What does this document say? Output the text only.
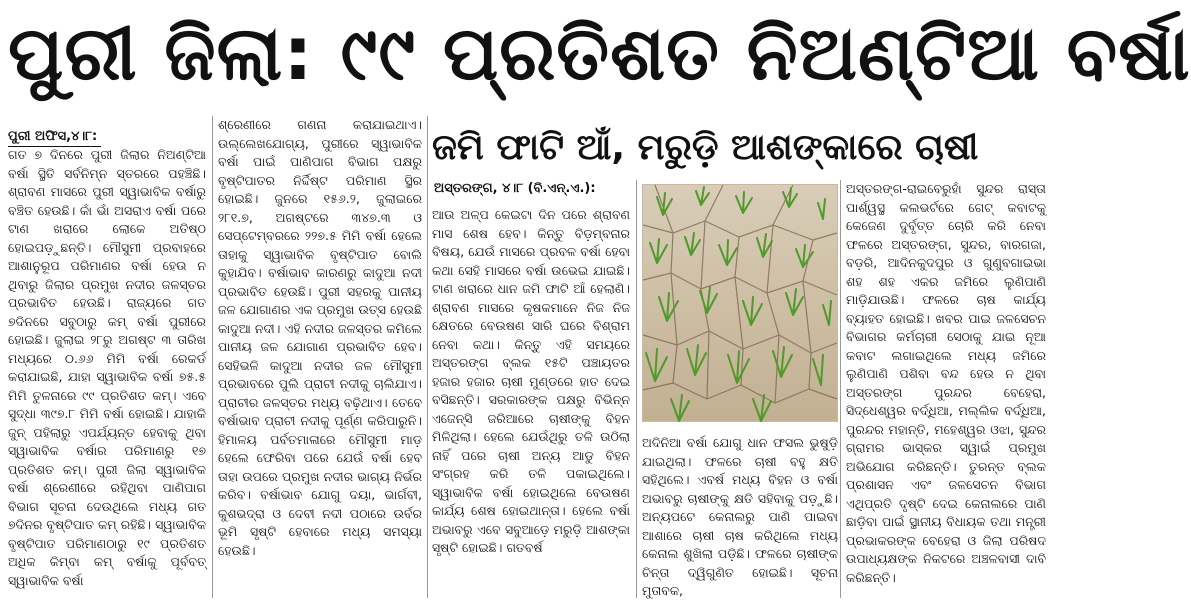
ପୁରୀ ଜିଲା: ୯୯ ପ୍ରତିଶତ ନିଅଣ୍ଟିଆ ବର୍ଷା
ପୁରୀ ଅଫିସ,୪।୮:

ଗତ ୭ ଦିନରେ ପୁରୀ ଜିଲାର ନିଅଣ୍ଟିଆ ବର୍ଷା ସ୍ଥିତି ସର୍ବନିମ୍ନ ସ୍ତରରେ ପହଞ୍ଚିଛି। ଶ୍ରାବଣ ମାସରେ ପୁରୀ ସ୍ୱାଭାବିକ ବର୍ଷାରୁ ବଞ୍ଚିତ ହେଉଛି। କାଁ ଭାଁ ଅସରାଏ ବର୍ଷା ପରେ ଟାଣ ଖରାରେ ଲୋକେ ଅତିଷ୍ଠ ହୋଇପଡ଼ୁଛନ୍ତି। ମୌସୁମୀ ପ୍ରବାହରେ ଆଶାନୁରୂପ ପରିମାଣର ବର୍ଷା ହେଉ ନ ଥିବାରୁ ଜିଲାର ପ୍ରମୁଖ ନଦୀର ଜଳସ୍ତର ପ୍ରଭାବିତ ହେଉଛି। ରାଜ୍ୟରେ ଗତ ୭ଦିନରେ ସବୁଠାରୁ କମ୍ ବର୍ଷା ପୁରୀରେ ହୋଇଛି। ଜୁଲାଇ ୨୮ରୁ ଅଗଷ୍ଟ ୩ ତାରିଖ ମଧ୍ୟରେ ୦.୬୬ ମିମି ବର୍ଷା ରେକର୍ଡ କରାଯାଇଛି, ଯାହା ସ୍ୱାଭାବିକ ବର୍ଷା ୭୫.୫ ମିମି ତୁଳନାରେ ୯୯ ପ୍ରତିଶତ କମ୍। ଏବେ ସୁଦ୍ଧା ୩୯୭.୮ ମିମି ବର୍ଷା ହୋଇଛି। ଯାହାକି ଜୁନ୍ ପହିଲାରୁ ଏପର୍ଯ୍ୟନ୍ତ ହେବାକୁ ଥିବା ସ୍ୱାଭାବିକ ବର୍ଷାର ପରିମାଣରୁ ୧୭ ପ୍ରତିଶତ କମ୍। ପୁରୀ ଜିଲା ସ୍ୱାଭାବିକ ବର୍ଷା ଶ୍ରେଣୀରେ ରହିଥିବା ପାଣିପାଗ ବିଭାଗ ସୂଚନା ଦେଉଥିଲେ ମଧ୍ୟ ଗତ ୭ଦିନର ବୃଷ୍ଟିପାତ କମ୍ ରହିଛି। ସ୍ୱାଭାବିକ ବୃଷ୍ଟିପାତ ପରିମାଣଠାରୁ ୧୯ ପ୍ରତିଶତ ଅଧିକ କିମ୍ବା କମ୍ ବର୍ଷାକୁ ପୂର୍ବବତ୍ ସ୍ୱାଭାବିକ ବର୍ଷା

ଶ୍ରେଣୀରେ ଗଣନା କରାଯାଇଥାଏ। ଉଲ୍ଲେଖଯୋଗ୍ୟ, ପୁରୀରେ ସ୍ୱାଭାବିକ ବର୍ଷା ପାଇଁ ପାଣିପାଗ ବିଭାଗ ପକ୍ଷରୁ ବୃଷ୍ଟିପାତର ନିର୍ଦ୍ଦିଷ୍ଟ ପରିମାଣ ସ୍ଥିର ହୋଇଛି। ଜୁନରେ ୧୫୬.୨, ଜୁଲାଇରେ ୨୮୧.୭, ଅଗଷ୍ଟରେ ୩୪୭.୩ ଓ ସେପ୍ଟେମ୍ବରରେ ୨୨୭.୫ ମିମି ବର୍ଷା ହେଲେ ତାହାକୁ ସ୍ୱାଭାବିକ ବୃଷ୍ଟିପାତ ବୋଲି କୁହାଯିବ। ବର୍ଷାଭାବ କାରଣରୁ କାଦୁଆ ନଦୀ ପ୍ରଭାବିତ ହେଉଛି। ପୁରୀ ସହରକୁ ପାନୀୟ ଜଳ ଯୋଗାଣର ଏକ ପ୍ରମୁଖ ଉତ୍ସ ହେଉଛି କାଦୁଆ ନଦୀ। ଏହି ନଦୀର ଜଳସ୍ତର କମିଲେ ପାନୀୟ ଜଳ ଯୋଗାଣ ପ୍ରଭାବିତ ହେବ। ସେହିଭଳି କାଦୁଆ ନଦୀର ଜଳ ମୌସୁମୀ ପ୍ରଭାବରେ ପୁଲି ପ୍ରାଚୀ ନଦୀକୁ ଚାଲିଯାଏ। ପ୍ରାଚୀର ଜଳସ୍ତର ମଧ୍ୟ ବଢ଼ିଥାଏ। ତେବେ ବର୍ଷାଭାବ ପ୍ରାଚୀ ନଦୀକୁ ପୂର୍ଣ୍ଣ କରିପାରୁନି। ହିମାଳୟ ପର୍ବତମାଳାରେ ମୌସୁମୀ ମାଡ଼ ହେଲେ ଫେରିବା ପରେ ଯେଉଁ ବର୍ଷା ହେବ ତାହା ଉପରେ ପ୍ରମୁଖ ନଦୀର ଭାଗ୍ୟ ନିର୍ଭର କରିବ। ବର୍ଷାଭାବ ଯୋଗୁ ଦୟା, ଭାର୍ଗବୀ, କୁଶଭଦ୍ରା ଓ ଦେବୀ ନଦୀ ପଠାରେ ଉର୍ବର ଭୂମି ସୃଷ୍ଟି ହେବାରେ ମଧ୍ୟ ସମସ୍ୟା ହେଉଛି।

ଜମି ଫାଟି ଆଁ, ମରୁଡ଼ି ଆଶଙ୍କାରେ ଚାଷୀ
ଅସ୍ତରଙ୍ଗ, ୪।୮ (ବି.ଏନ୍.ଏ.):

ଆଉ ଅଳ୍ପ କେଇଟା ଦିନ ପରେ ଶ୍ରାବଣ ମାସ ଶେଷ ହେବ। କିନ୍ତୁ ବିଡ଼ମ୍ବନାର ବିଷୟ, ଯେଉଁ ମାସରେ ପ୍ରବଳ ବର୍ଷା ହେବା କଥା ସେହି ମାସରେ ବର୍ଷା ଉଭେଇ ଯାଇଛି। ଟାଣ ଖରାରେ ଧାନ ଜମି ଫାଟି ଆଁ ହେଲାଣି। ଶ୍ରାବଣ ମାସରେ କୃଷକମାନେ ନିଜ ନିଜ କ୍ଷେତରେ ବେଉଷଣ ସାରି ଘରେ ବିଶ୍ରାମ ନେବା କଥା। କିନ୍ତୁ ଏହି ସମୟରେ ଅସ୍ତରଙ୍ଗ ବ୍ଲକ ୧୫ଟି ପଞ୍ଚାୟତର ହଜାର ହଜାର ଚାଷୀ ମୁଣ୍ଡରେ ହାତ ଦେଇ ବସିଛନ୍ତି। ସରକାରଙ୍କ ପକ୍ଷରୁ ବିଭିନ୍ନ ଏଜେନ୍ସି ଜରିଆରେ ଚାଷୀଙ୍କୁ ବିହନ ମିଳିଥିଲା। ହେଲେ ଯେଉଁଥିରୁ ତଳି ଉଠିଲା ନାହିଁ ପରେ ଚାଷୀ ଅନ୍ୟ ଆଡୁ ବିହନ ସଂଗ୍ରହ କରି ତଳି ପକାଇଥିଲେ। ସ୍ୱାଭାବିକ ବର୍ଷା ହୋଇଥିଲେ ବେଉଷଣ କାର୍ଯ୍ୟ ଶେଷ ହୋଇଥାନ୍ତା। ହେଲେ ବର୍ଷା ଅଭାବରୁ ଏବେ ସବୁଆଡ଼େ ମରୁଡ଼ି ଆଶଙ୍କା ସୃଷ୍ଟି ହୋଇଛି। ଗତବର୍ଷ

ଅଦିନିଆ ବର୍ଷା ଯୋଗୁ ଧାନ ଫସଲ ଭୁଷୁଡ଼ି ଯାଇଥିଲା। ଫଳରେ ଚାଷୀ ବହୁ କ୍ଷତି ସହିଥିଲେ। ଏବର୍ଷ ମଧ୍ୟ ବିହନ ଓ ବର୍ଷା ଅଭାବରୁ ଚାଷୀଙ୍କୁ କ୍ଷତି ସହିବାକୁ ପଡ଼ୁଛି। ଅନ୍ୟପଟେ କେନାଲରୁ ପାଣି ପାଇବା ଆଶାରେ ଚାଷୀ ଚାଷ କରିଥିଲେ ମଧ୍ୟ କେନାଲ ଶୁଖିଲା ପଡ଼ିଛି। ଫଳରେ ଚାଷୀଙ୍କ ଚିନ୍ତା ଦ୍ୱିଗୁଣିତ ହୋଇଛି। ସୂଚନା ମୁତାବକ,

ଅସ୍ତରଙ୍ଗ-ରାଇବେରୁହାଁ ସୁନ୍ଦର ରାସ୍ତା ପାର୍ଶ୍ୱସ୍ଥ କଲଭର୍ଟରେ ଗେଟ୍ କବାଟକୁ କେଜେଣ ଦୁର୍ବୃତ୍ତ ଚୋରି କରି ନେବା ଫଳରେ ଅସ୍ତରଙ୍ଗ, ସୁନ୍ଦର, ବାରଗଜା, ବଡ଼ରି, ଆଦିନକୁଦପୁର ଓ ଗୁଣୁବଗାଇଭା ଶହ ଶହ ଏକର ଜମିରେ ଲୁଣିପାଣି ମାଡ଼ିଯାଉଛି। ଫଳରେ ଚାଷ କାର୍ଯ୍ୟ ବ୍ୟାହତ ହୋଇଛି। ଖବର ପାଇ ଜଳସେଚନ ବିଭାଗର କର୍ମଚାରୀ ସେଠାକୁ ଯାଇ ନୂଆ କବାଟ ଲଗାଇଥିଲେ ମଧ୍ୟ ଜମିରେ ଲୁଣିପାଣି ପଶିବା ବନ୍ଦ ହେଉ ନ ଥିବା ଅସ୍ତରଙ୍ଗ ପୁରନ୍ଦର ବେହେରା, ସିଦ୍ଧେଶ୍ୱର ବର୍ଦ୍ଧିଆ, ମଲ୍ଲିକ ବର୍ଦ୍ଧିଆ, ପୁରନ୍ଦର ମହାନ୍ତି, ମହେଶ୍ୱର ଓଝା, ସୁନ୍ଦର ଗ୍ରାମର ଭାସ୍କର ସ୍ୱାଇଁ ପ୍ରମୁଖ ଅଭିଯୋଗ କରିଛନ୍ତି। ତୁରନ୍ତ ବ୍ଲକ ପ୍ରଶାସନ ଏବଂ ଜଳସେଚନ ବିଭାଗ ଏଥିପ୍ରତି ଦୃଷ୍ଟି ଦେଇ କେନାଲରେ ପାଣି ଛାଡ଼ିବା ପାଇଁ ସ୍ଥାନୀୟ ବିଧାୟକ ତଥା ମନ୍ତ୍ରୀ ପ୍ରଭାକରଙ୍କ ବେହେରା ଓ ଜିଲା ପରିଷଦ ଉପାଧ୍ୟକ୍ଷଙ୍କ ନିକଟରେ ଅଞ୍ଚଳବାସୀ ଦାବି କରିଛନ୍ତି।
